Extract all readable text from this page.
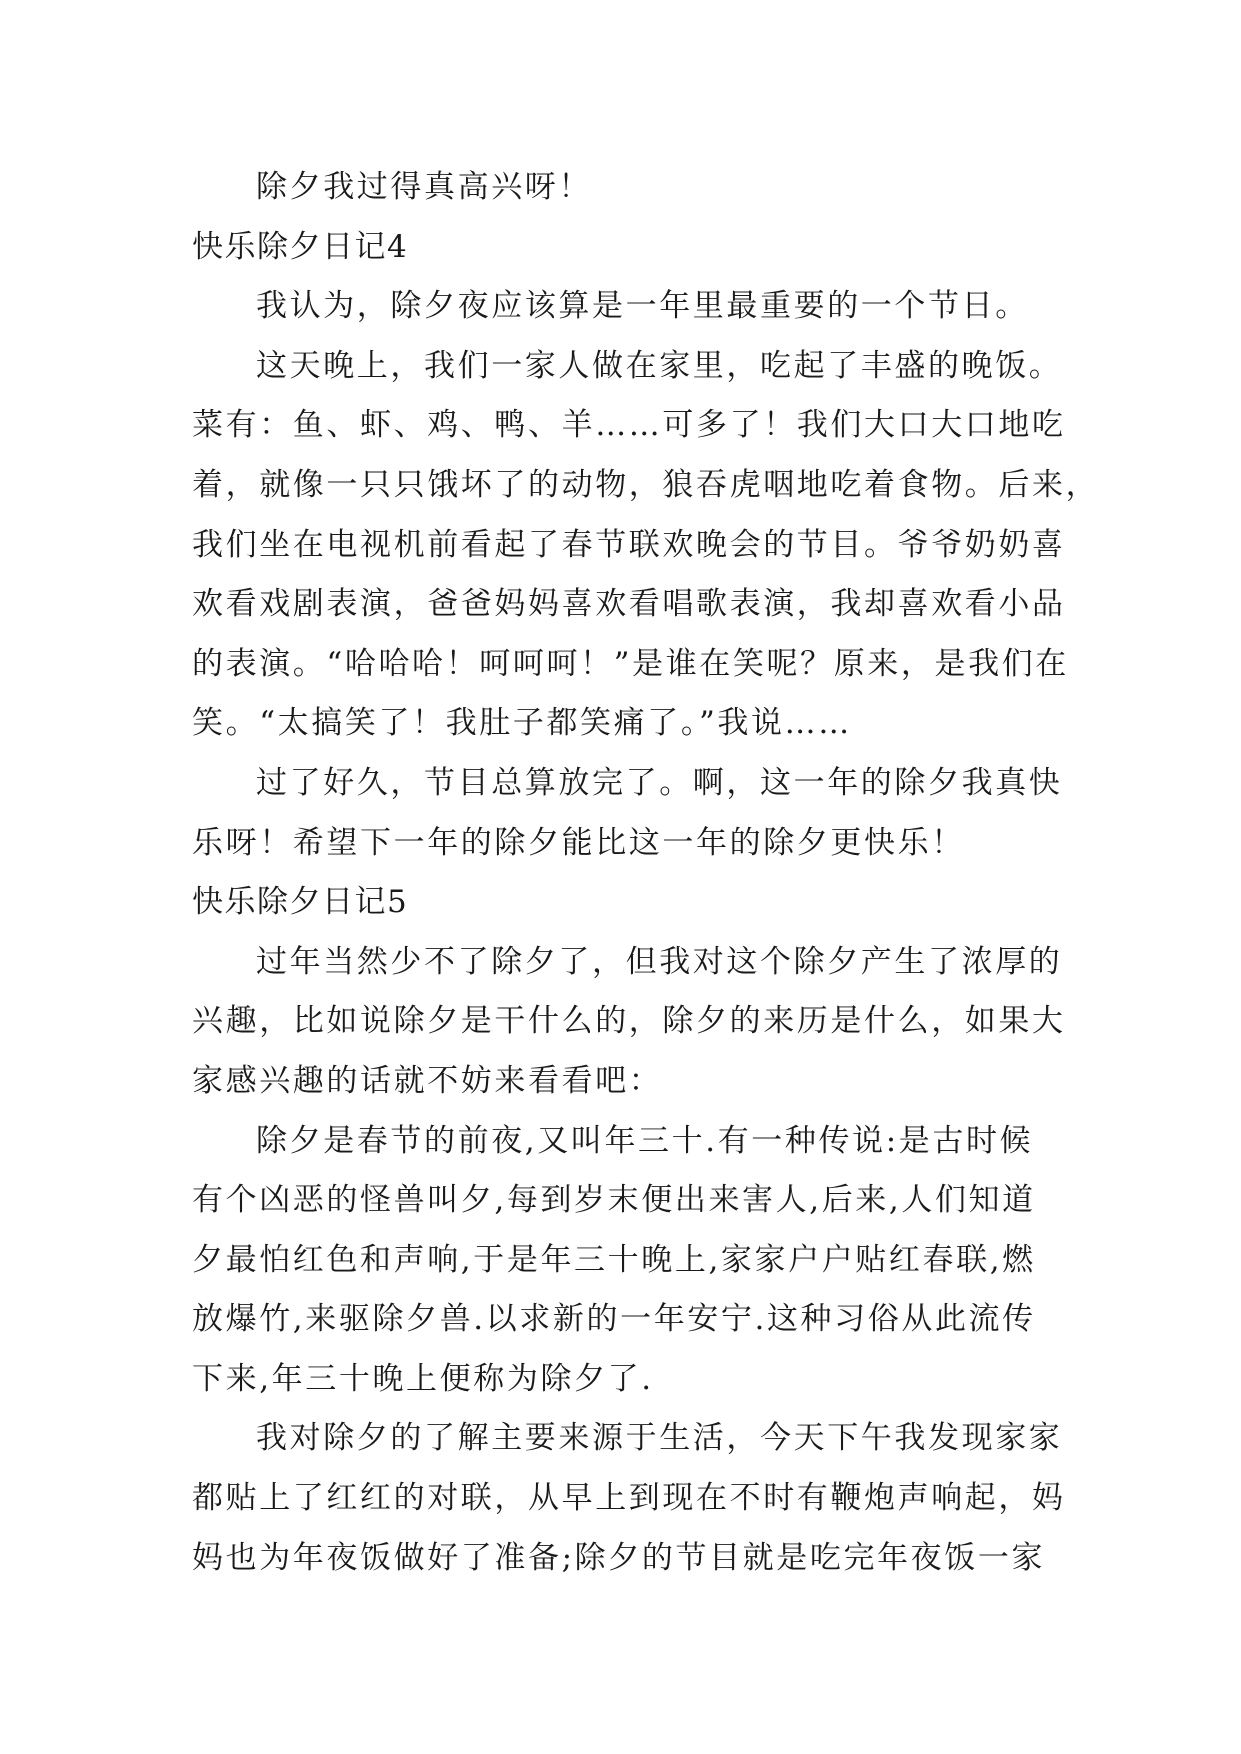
除夕我过得真高兴呀！
快乐除夕日记4
我认为，除夕夜应该算是一年里最重要的一个节日。
这天晚上，我们一家人做在家里，吃起了丰盛的晚饭。
菜有：鱼、虾、鸡、鸭、羊……可多了！我们大口大口地吃
着，就像一只只饿坏了的动物，狼吞虎咽地吃着食物。后来，
我们坐在电视机前看起了春节联欢晚会的节目。爷爷奶奶喜
欢看戏剧表演，爸爸妈妈喜欢看唱歌表演，我却喜欢看小品
的表演。“哈哈哈！呵呵呵！”是谁在笑呢？原来，是我们在
笑。“太搞笑了！我肚子都笑痛了。”我说……
过了好久，节目总算放完了。啊，这一年的除夕我真快
乐呀！希望下一年的除夕能比这一年的除夕更快乐！
快乐除夕日记5
过年当然少不了除夕了，但我对这个除夕产生了浓厚的
兴趣，比如说除夕是干什么的，除夕的来历是什么，如果大
家感兴趣的话就不妨来看看吧：
除夕是春节的前夜,又叫年三十.有一种传说:是古时候
有个凶恶的怪兽叫夕,每到岁末便出来害人,后来,人们知道
夕最怕红色和声响,于是年三十晚上,家家户户贴红春联,燃
放爆竹,来驱除夕兽.以求新的一年安宁.这种习俗从此流传
下来,年三十晚上便称为除夕了.
我对除夕的了解主要来源于生活，今天下午我发现家家
都贴上了红红的对联，从早上到现在不时有鞭炮声响起，妈
妈也为年夜饭做好了准备;除夕的节目就是吃完年夜饭一家
